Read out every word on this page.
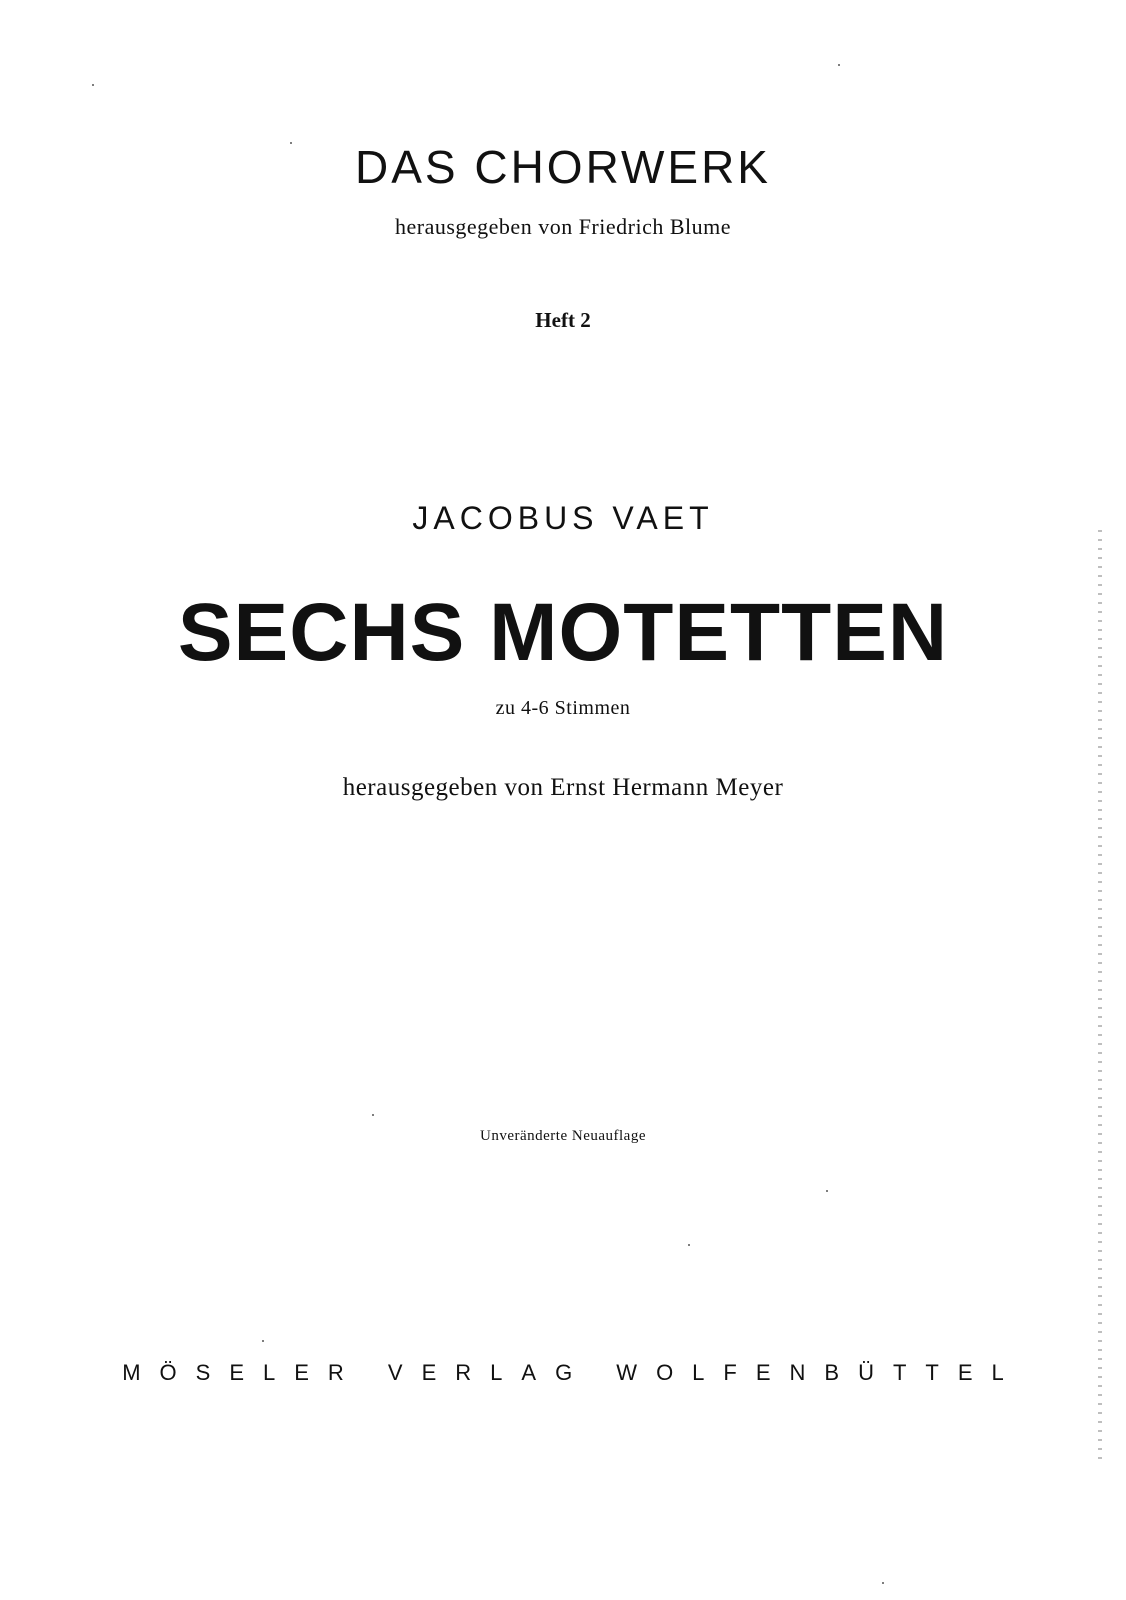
DAS CHORWERK
herausgegeben von Friedrich Blume
Heft 2
JACOBUS VAET
SECHS MOTETTEN
zu 4-6 Stimmen
herausgegeben von Ernst Hermann Meyer
Unveränderte Neuauflage
MÖSELER VERLAG WOLFENBÜTTEL
